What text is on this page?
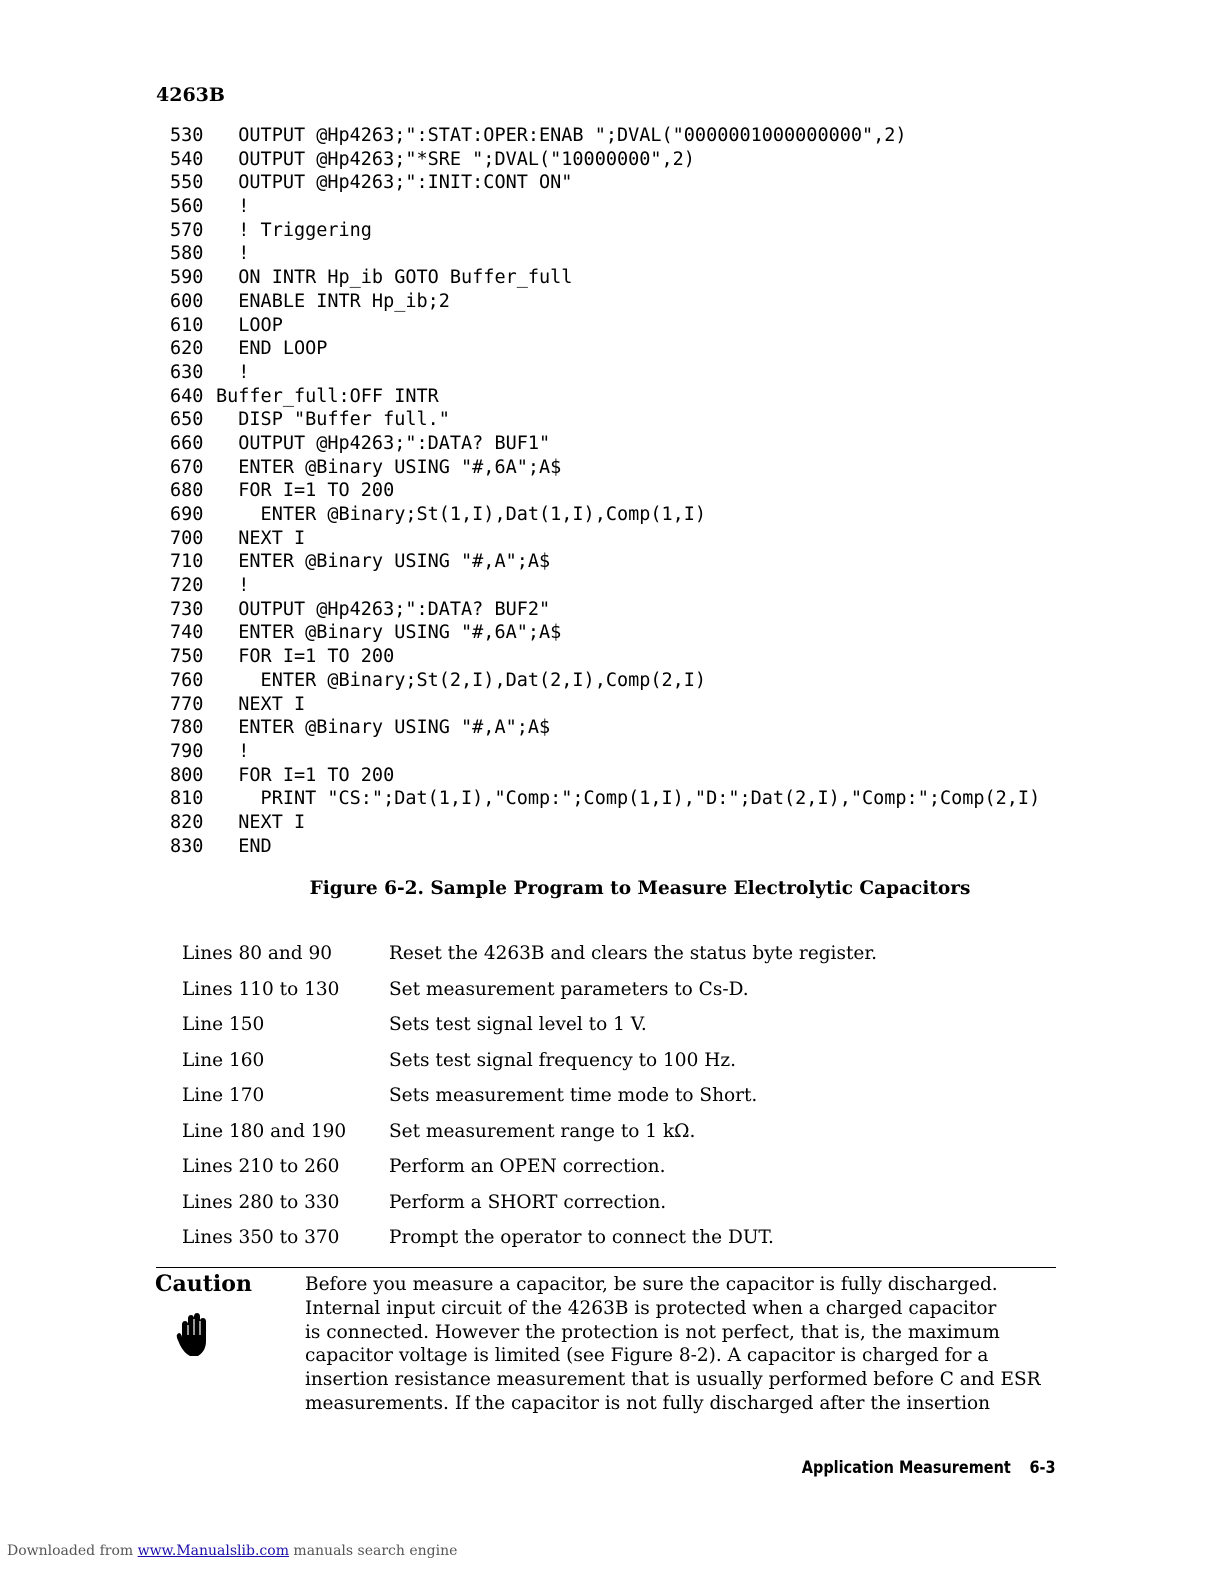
4263B
530  OUTPUT @Hp4263;":STAT:OPER:ENAB ";DVAL("0000001000000000",2)
540  OUTPUT @Hp4263;"*SRE ";DVAL("10000000",2)
550  OUTPUT @Hp4263;":INIT:CONT ON"
560  !
570  ! Triggering
580  !
590  ON INTR Hp_ib GOTO Buffer_full
600  ENABLE INTR Hp_ib;2
610  LOOP
620  END LOOP
630  !
640 Buffer_full:OFF INTR
650  DISP "Buffer full."
660  OUTPUT @Hp4263;":DATA? BUF1"
670  ENTER @Binary USING "#,6A";A$
680  FOR I=1 TO 200
690    ENTER @Binary;St(1,I),Dat(1,I),Comp(1,I)
700  NEXT I
710  ENTER @Binary USING "#,A";A$
720  !
730  OUTPUT @Hp4263;":DATA? BUF2"
740  ENTER @Binary USING "#,6A";A$
750  FOR I=1 TO 200
760    ENTER @Binary;St(2,I),Dat(2,I),Comp(2,I)
770  NEXT I
780  ENTER @Binary USING "#,A";A$
790  !
800  FOR I=1 TO 200
810    PRINT "CS:";Dat(1,I),"Comp:";Comp(1,I),"D:";Dat(2,I),"Comp:";Comp(2,I)
820  NEXT I
830  END
Figure 6-2. Sample Program to Measure Electrolytic Capacitors
Lines 80 and 90	Reset the 4263B and clears the status byte register.
Lines 110 to 130	Set measurement parameters to Cs-D.
Line 150	Sets test signal level to 1 V.
Line 160	Sets test signal frequency to 100 Hz.
Line 170	Sets measurement time mode to Short.
Line 180 and 190	Set measurement range to 1 kΩ.
Lines 210 to 260	Perform an OPEN correction.
Lines 280 to 330	Perform a SHORT correction.
Lines 350 to 370	Prompt the operator to connect the DUT.
Caution	Before you measure a capacitor, be sure the capacitor is fully discharged.
Internal input circuit of the 4263B is protected when a charged capacitor
is connected. However the protection is not perfect, that is, the maximum
capacitor voltage is limited (see Figure 8-2). A capacitor is charged for a
insertion resistance measurement that is usually performed before C and ESR
measurements. If the capacitor is not fully discharged after the insertion
Application Measurement 6-3
Downloaded from www.Manualslib.com manuals search engine
